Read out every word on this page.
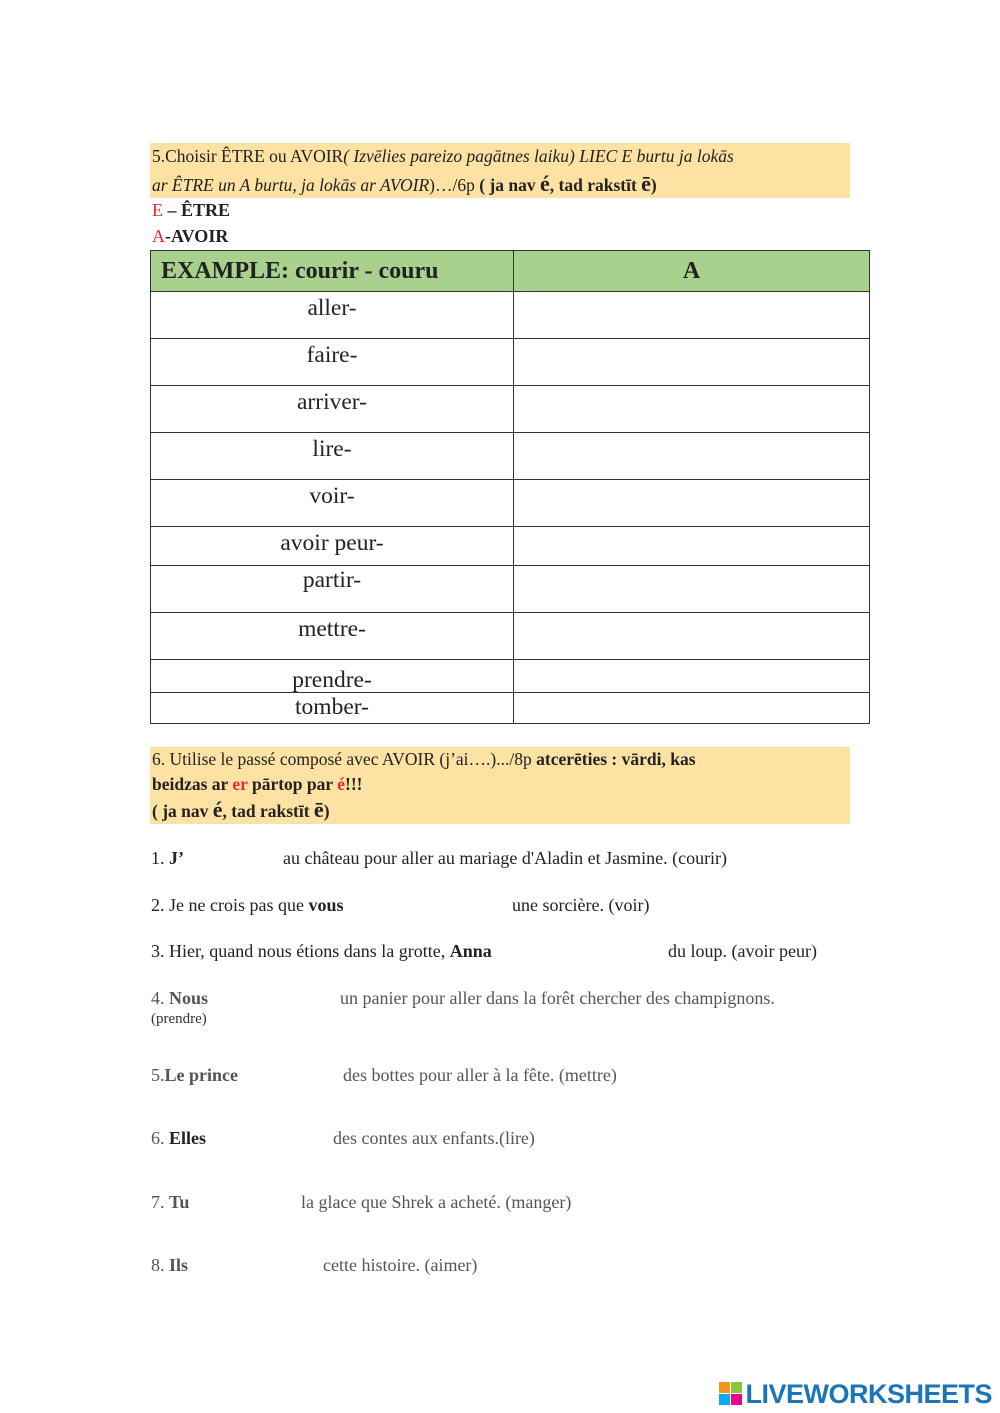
5.Choisir ÊTRE ou AVOIR( Izvēlies pareizo pagātnes laiku) LIEC E burtu ja lokās
ar ÊTRE un A burtu, ja lokās ar AVOIR)…/6p ( ja nav é, tad rakstīt ē)
E – ÊTRE
A-AVOIR
EXAMPLE: courir - couru	A
aller-	
faire-	
arriver-	
lire-	
voir-	
avoir peur-	
partir-	
mettre-	
prendre-	
tomber-	
6. Utilise le passé composé avec AVOIR (j’ai….).../8p atcerēties : vārdi, kas
beidzas ar er pārtop par é!!!
( ja nav é, tad rakstīt ē)
1. J’	au château pour aller au mariage d'Aladin et Jasmine. (courir)
2. Je ne crois pas que vous	une sorcière. (voir)
3. Hier, quand nous étions dans la grotte, Anna	du loup. (avoir peur)
4. Nous	un panier pour aller dans la forêt chercher des champignons.
(prendre)
5.Le prince	des bottes pour aller à la fête. (mettre)
6. Elles	des contes aux enfants.(lire)
7. Tu	la glace que Shrek a acheté. (manger)
8. Ils	cette histoire. (aimer)
LIVEWORKSHEETS
